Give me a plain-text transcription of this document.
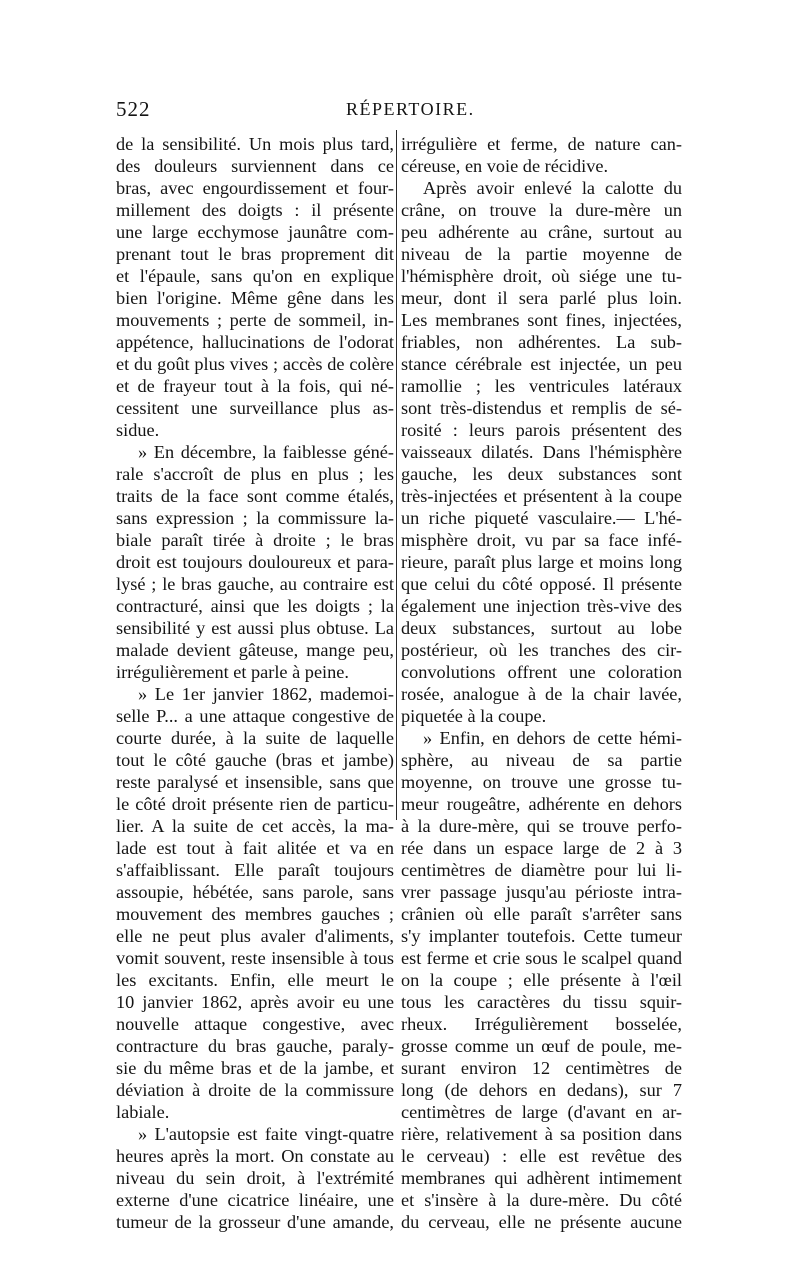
522	RÉPERTOIRE.
de la sensibilité. Un mois plus tard,
des douleurs surviennent dans ce
bras, avec engourdissement et four-
millement des doigts : il présente
une large ecchymose jaunâtre com-
prenant tout le bras proprement dit
et l'épaule, sans qu'on en explique
bien l'origine. Même gêne dans les
mouvements ; perte de sommeil, in-
appétence, hallucinations de l'odorat
et du goût plus vives ; accès de colère
et de frayeur tout à la fois, qui né-
cessitent une surveillance plus as-
sidue.
» En décembre, la faiblesse géné-
rale s'accroît de plus en plus ; les
traits de la face sont comme étalés,
sans expression ; la commissure la-
biale paraît tirée à droite ; le bras
droit est toujours douloureux et para-
lysé ; le bras gauche, au contraire est
contracturé, ainsi que les doigts ; la
sensibilité y est aussi plus obtuse. La
malade devient gâteuse, mange peu,
irrégulièrement et parle à peine.
» Le 1er janvier 1862, mademoi-
selle P... a une attaque congestive de
courte durée, à la suite de laquelle
tout le côté gauche (bras et jambe)
reste paralysé et insensible, sans que
le côté droit présente rien de particu-
lier. A la suite de cet accès, la ma-
lade est tout à fait alitée et va en
s'affaiblissant. Elle paraît toujours
assoupie, hébétée, sans parole, sans
mouvement des membres gauches ;
elle ne peut plus avaler d'aliments,
vomit souvent, reste insensible à tous
les excitants. Enfin, elle meurt le
10 janvier 1862, après avoir eu une
nouvelle attaque congestive, avec
contracture du bras gauche, paraly-
sie du même bras et de la jambe, et
déviation à droite de la commissure
labiale.
» L'autopsie est faite vingt-quatre
heures après la mort. On constate au
niveau du sein droit, à l'extrémité
externe d'une cicatrice linéaire, une
tumeur de la grosseur d'une amande,
irrégulière et ferme, de nature can-
céreuse, en voie de récidive.
Après avoir enlevé la calotte du
crâne, on trouve la dure-mère un
peu adhérente au crâne, surtout au
niveau de la partie moyenne de
l'hémisphère droit, où siége une tu-
meur, dont il sera parlé plus loin.
Les membranes sont fines, injectées,
friables, non adhérentes. La sub-
stance cérébrale est injectée, un peu
ramollie ; les ventricules latéraux
sont très-distendus et remplis de sé-
rosité : leurs parois présentent des
vaisseaux dilatés. Dans l'hémisphère
gauche, les deux substances sont
très-injectées et présentent à la coupe
un riche piqueté vasculaire.— L'hé-
misphère droit, vu par sa face infé-
rieure, paraît plus large et moins long
que celui du côté opposé. Il présente
également une injection très-vive des
deux substances, surtout au lobe
postérieur, où les tranches des cir-
convolutions offrent une coloration
rosée, analogue à de la chair lavée,
piquetée à la coupe.
» Enfin, en dehors de cette hémi-
sphère, au niveau de sa partie
moyenne, on trouve une grosse tu-
meur rougeâtre, adhérente en dehors
à la dure-mère, qui se trouve perfo-
rée dans un espace large de 2 à 3
centimètres de diamètre pour lui li-
vrer passage jusqu'au périoste intra-
crânien où elle paraît s'arrêter sans
s'y implanter toutefois. Cette tumeur
est ferme et crie sous le scalpel quand
on la coupe ; elle présente à l'œil
tous les caractères du tissu squir-
rheux. Irrégulièrement bosselée,
grosse comme un œuf de poule, me-
surant environ 12 centimètres de
long (de dehors en dedans), sur 7
centimètres de large (d'avant en ar-
rière, relativement à sa position dans
le cerveau) : elle est revêtue des
membranes qui adhèrent intimement
et s'insère à la dure-mère. Du côté
du cerveau, elle ne présente aucune
